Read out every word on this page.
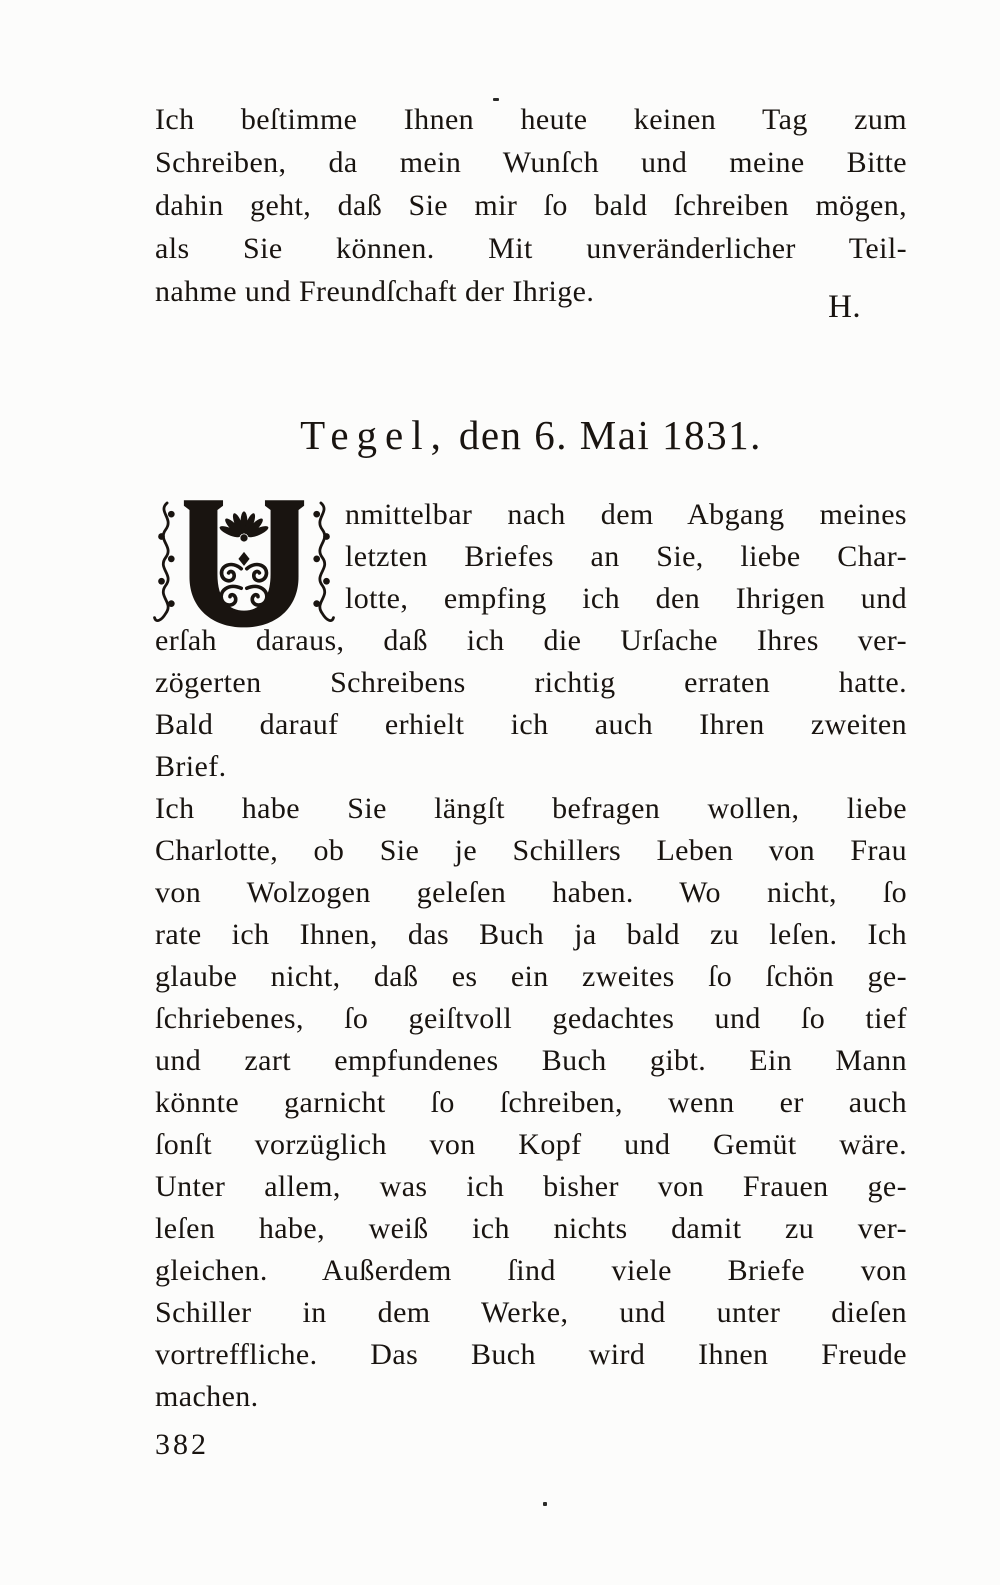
Ich beſtimme Ihnen heute keinen Tag zum
Schreiben, da mein Wunſch und meine Bitte
dahin geht, daß Sie mir ſo bald ſchreiben mögen,
als Sie können. Mit unveränderlicher Teil-
nahme und Freundſchaft der Ihrige.	H.
Tegel, den 6. Mai 1831.
nmittelbar nach dem Abgang meines
letzten Briefes an Sie, liebe Char-
lotte, empfing ich den Ihrigen und
erſah daraus, daß ich die Urſache Ihres ver-
zögerten Schreibens richtig erraten hatte.
Bald darauf erhielt ich auch Ihren zweiten
Brief.
Ich habe Sie längſt befragen wollen, liebe
Charlotte, ob Sie je Schillers Leben von Frau
von Wolzogen geleſen haben. Wo nicht, ſo
rate ich Ihnen, das Buch ja bald zu leſen. Ich
glaube nicht, daß es ein zweites ſo ſchön ge-
ſchriebenes, ſo geiſtvoll gedachtes und ſo tief
und zart empfundenes Buch gibt. Ein Mann
könnte garnicht ſo ſchreiben, wenn er auch
ſonſt vorzüglich von Kopf und Gemüt wäre.
Unter allem, was ich bisher von Frauen ge-
leſen habe, weiß ich nichts damit zu ver-
gleichen. Außerdem ſind viele Briefe von
Schiller in dem Werke, und unter dieſen
vortreffliche. Das Buch wird Ihnen Freude
machen.
382
